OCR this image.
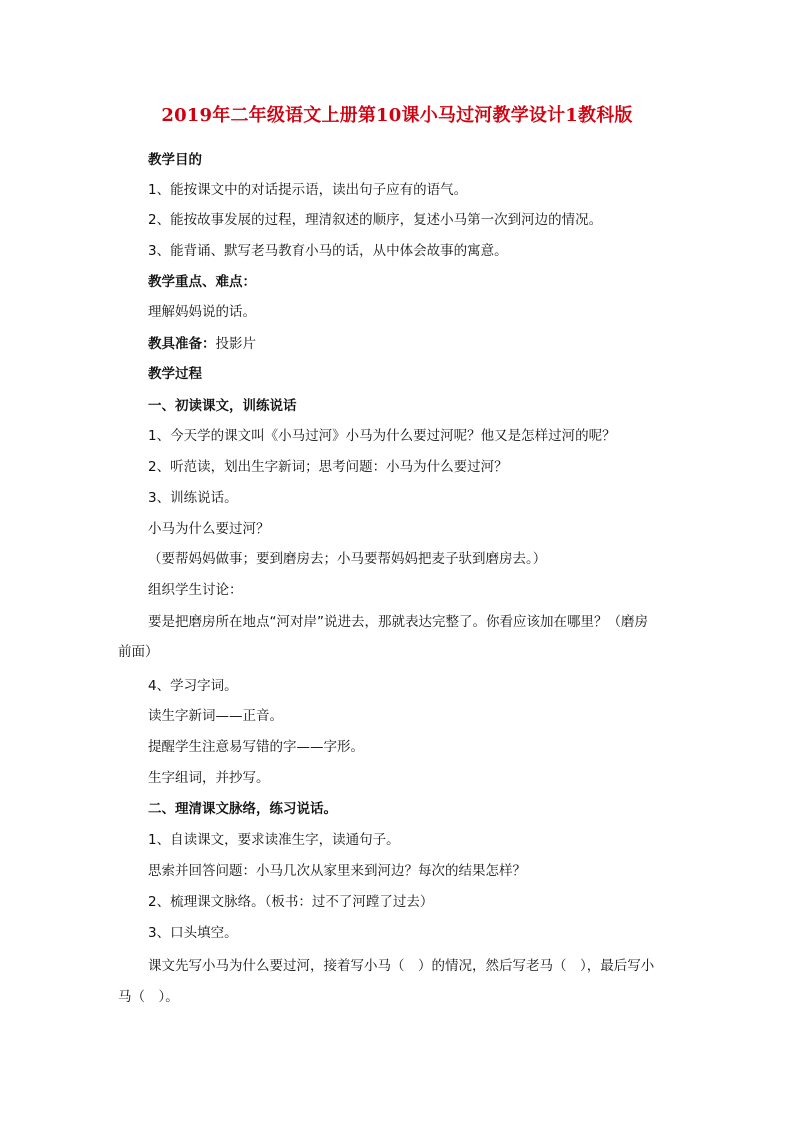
2019年二年级语文上册第10课小马过河教学设计1教科版
教学目的
1、能按课文中的对话提示语，读出句子应有的语气。
2、能按故事发展的过程，理清叙述的顺序，复述小马第一次到河边的情况。
3、能背诵、默写老马教育小马的话，从中体会故事的寓意。
教学重点、难点：
理解妈妈说的话。
教具准备：投影片
教学过程
一、初读课文，训练说话
1、今天学的课文叫《小马过河》小马为什么要过河呢？他又是怎样过河的呢？
2、听范读，划出生字新词；思考问题：小马为什么要过河？
3、训练说话。
小马为什么要过河？
（要帮妈妈做事；要到磨房去；小马要帮妈妈把麦子驮到磨房去。）
组织学生讨论：
要是把磨房所在地点“河对岸”说进去，那就表达完整了。你看应该加在哪里？（磨房
前面）
4、学习字词。
读生字新词——正音。
提醒学生注意易写错的字——字形。
生字组词，并抄写。
二、理清课文脉络，练习说话。
1、自读课文，要求读准生字，读通句子。
思索并回答问题：小马几次从家里来到河边？每次的结果怎样？
2、梳理课文脉络。（板书：过不了河蹚了过去）
3、口头填空。
课文先写小马为什么要过河，接着写小马（　）的情况，然后写老马（　），最后写小
马（　）。
